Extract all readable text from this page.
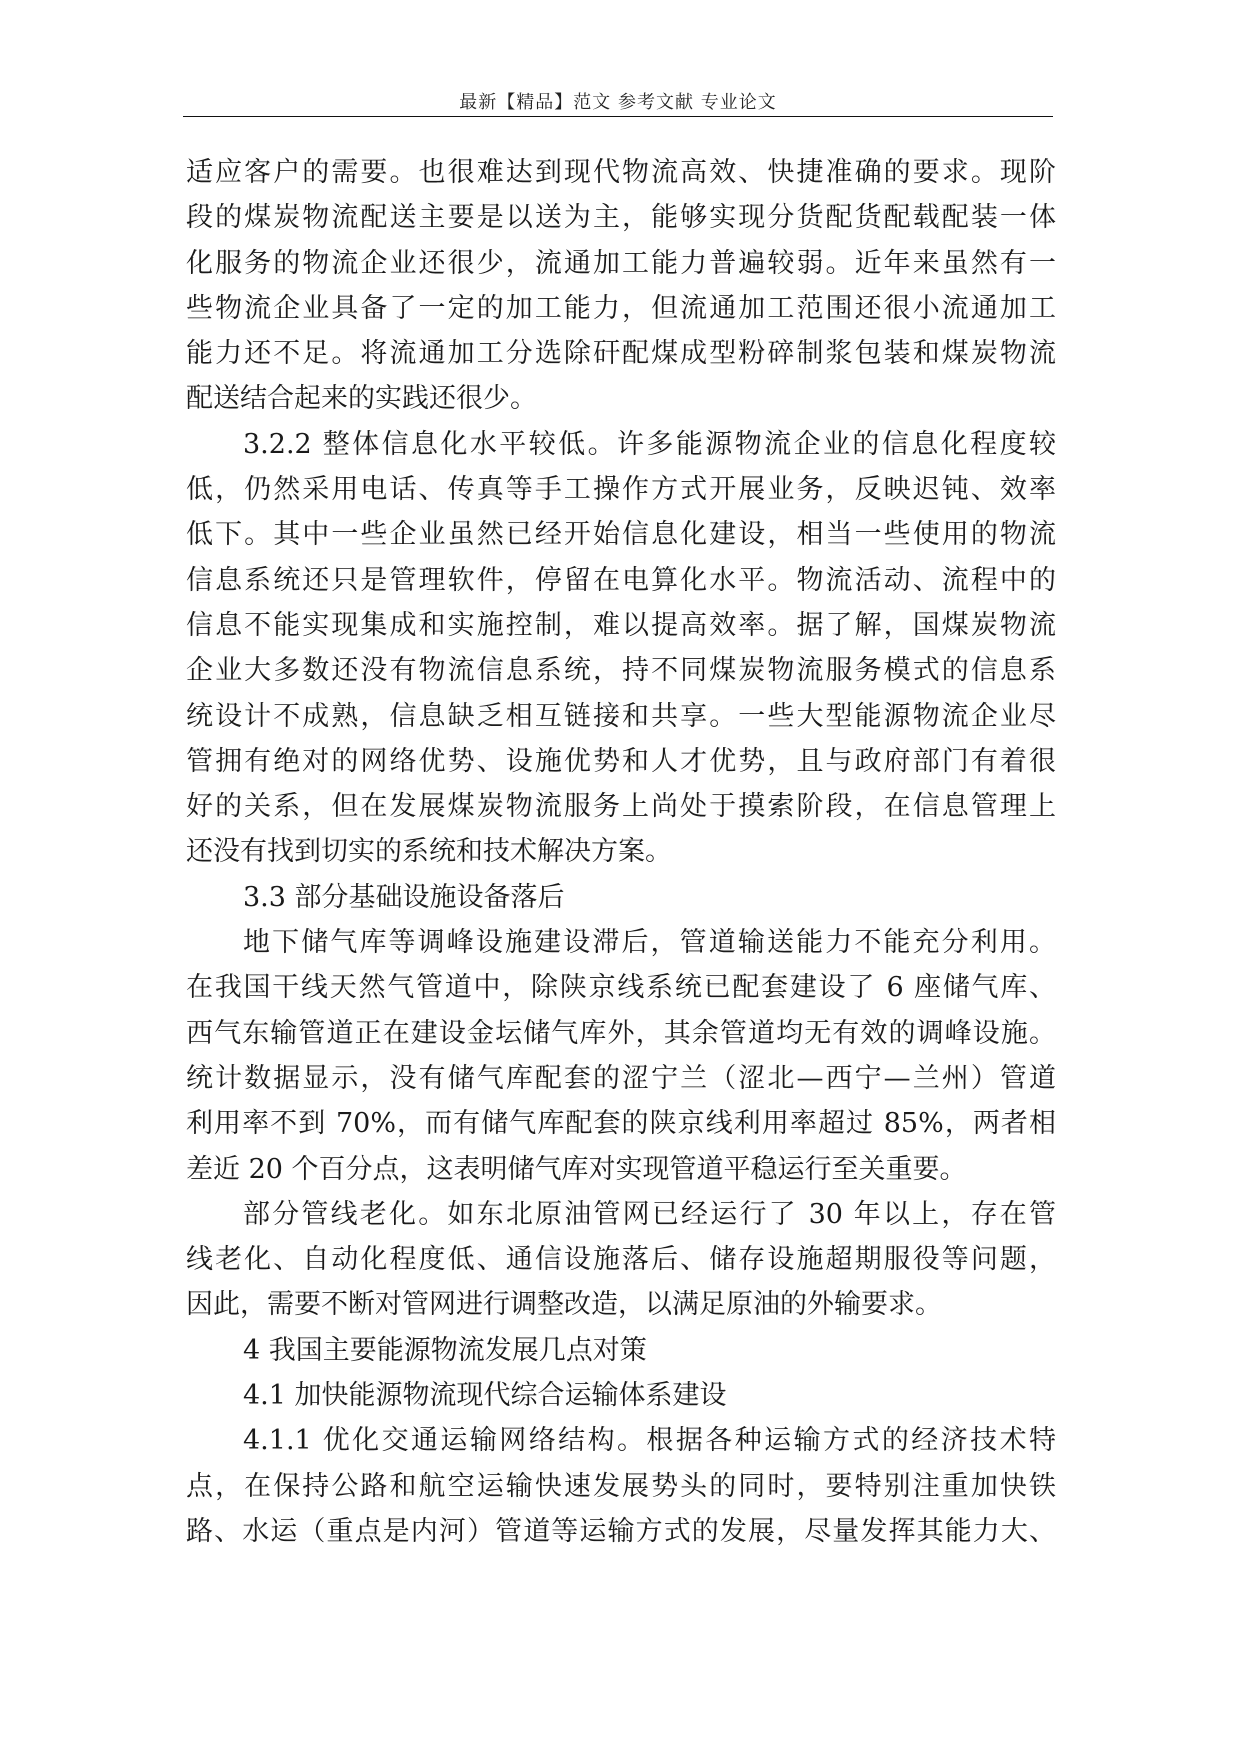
最新【精品】范文 参考文献 专业论文
适应客户的需要。也很难达到现代物流高效、快捷准确的要求。现阶
段的煤炭物流配送主要是以送为主，能够实现分货配货配载配装一体
化服务的物流企业还很少，流通加工能力普遍较弱。近年来虽然有一
些物流企业具备了一定的加工能力，但流通加工范围还很小流通加工
能力还不足。将流通加工分选除矸配煤成型粉碎制浆包装和煤炭物流
配送结合起来的实践还很少。
3.2.2 整体信息化水平较低。许多能源物流企业的信息化程度较
低，仍然采用电话、传真等手工操作方式开展业务，反映迟钝、效率
低下。其中一些企业虽然已经开始信息化建设，相当一些使用的物流
信息系统还只是管理软件，停留在电算化水平。物流活动、流程中的
信息不能实现集成和实施控制，难以提高效率。据了解，国煤炭物流
企业大多数还没有物流信息系统，持不同煤炭物流服务模式的信息系
统设计不成熟，信息缺乏相互链接和共享。一些大型能源物流企业尽
管拥有绝对的网络优势、设施优势和人才优势，且与政府部门有着很
好的关系，但在发展煤炭物流服务上尚处于摸索阶段，在信息管理上
还没有找到切实的系统和技术解决方案。
3.3 部分基础设施设备落后
地下储气库等调峰设施建设滞后，管道输送能力不能充分利用。
在我国干线天然气管道中，除陕京线系统已配套建设了 6 座储气库、
西气东输管道正在建设金坛储气库外，其余管道均无有效的调峰设施。
统计数据显示，没有储气库配套的涩宁兰（涩北—西宁—兰州）管道
利用率不到 70%，而有储气库配套的陕京线利用率超过 85%，两者相
差近 20 个百分点，这表明储气库对实现管道平稳运行至关重要。
部分管线老化。如东北原油管网已经运行了 30 年以上，存在管
线老化、自动化程度低、通信设施落后、储存设施超期服役等问题，
因此，需要不断对管网进行调整改造，以满足原油的外输要求。
4 我国主要能源物流发展几点对策
4.1 加快能源物流现代综合运输体系建设
4.1.1 优化交通运输网络结构。根据各种运输方式的经济技术特
点，在保持公路和航空运输快速发展势头的同时，要特别注重加快铁
路、水运（重点是内河）管道等运输方式的发展，尽量发挥其能力大、
